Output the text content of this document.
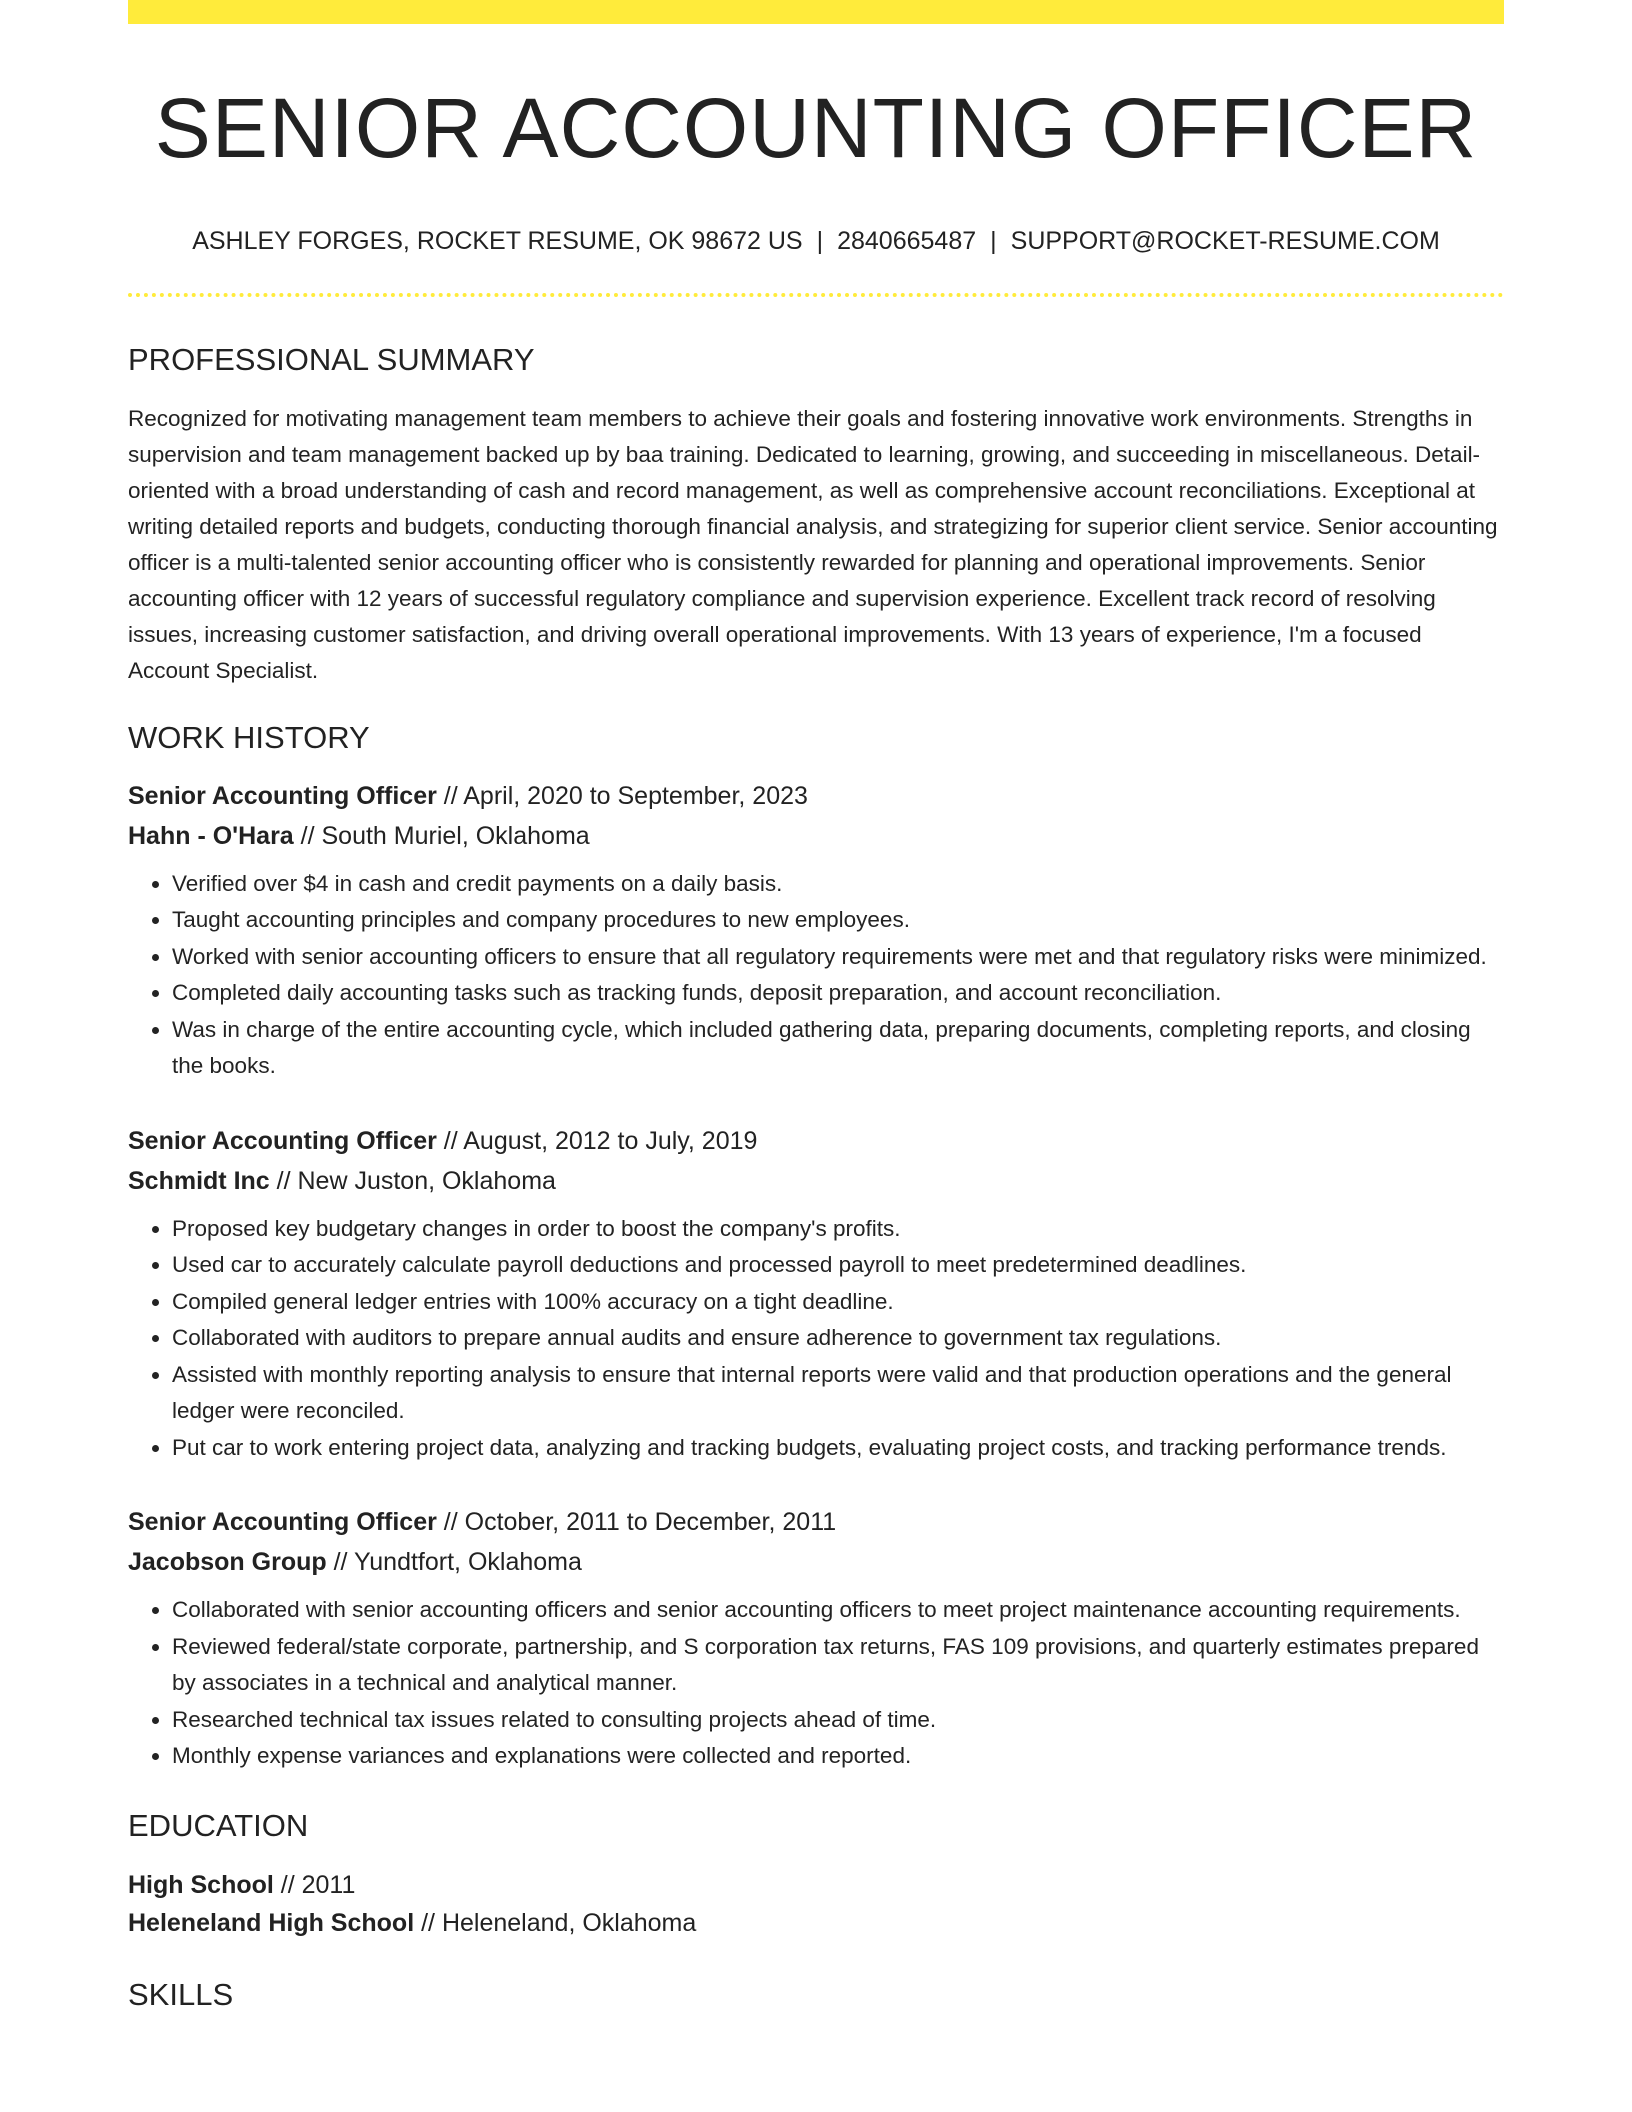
SENIOR ACCOUNTING OFFICER
ASHLEY FORGES, ROCKET RESUME, OK 98672 US | 2840665487 | SUPPORT@ROCKET-RESUME.COM
PROFESSIONAL SUMMARY

Recognized for motivating management team members to achieve their goals and fostering innovative work environments. Strengths in supervision and team management backed up by baa training. Dedicated to learning, growing, and succeeding in miscellaneous. Detail-oriented with a broad understanding of cash and record management, as well as comprehensive account reconciliations. Exceptional at writing detailed reports and budgets, conducting thorough financial analysis, and strategizing for superior client service. Senior accounting officer is a multi-talented senior accounting officer who is consistently rewarded for planning and operational improvements. Senior accounting officer with 12 years of successful regulatory compliance and supervision experience. Excellent track record of resolving issues, increasing customer satisfaction, and driving overall operational improvements. With 13 years of experience, I'm a focused Account Specialist.

WORK HISTORY
Senior Accounting Officer // April, 2020 to September, 2023
Hahn - O'Hara // South Muriel, Oklahoma
• Verified over $4 in cash and credit payments on a daily basis.
• Taught accounting principles and company procedures to new employees.
• Worked with senior accounting officers to ensure that all regulatory requirements were met and that regulatory risks were minimized.
• Completed daily accounting tasks such as tracking funds, deposit preparation, and account reconciliation.
• Was in charge of the entire accounting cycle, which included gathering data, preparing documents, completing reports, and closing the books.
Senior Accounting Officer // August, 2012 to July, 2019
Schmidt Inc // New Juston, Oklahoma
• Proposed key budgetary changes in order to boost the company's profits.
• Used car to accurately calculate payroll deductions and processed payroll to meet predetermined deadlines.
• Compiled general ledger entries with 100% accuracy on a tight deadline.
• Collaborated with auditors to prepare annual audits and ensure adherence to government tax regulations.
• Assisted with monthly reporting analysis to ensure that internal reports were valid and that production operations and the general ledger were reconciled.
• Put car to work entering project data, analyzing and tracking budgets, evaluating project costs, and tracking performance trends.
Senior Accounting Officer // October, 2011 to December, 2011
Jacobson Group // Yundtfort, Oklahoma
• Collaborated with senior accounting officers and senior accounting officers to meet project maintenance accounting requirements.
• Reviewed federal/state corporate, partnership, and S corporation tax returns, FAS 109 provisions, and quarterly estimates prepared by associates in a technical and analytical manner.
• Researched technical tax issues related to consulting projects ahead of time.
• Monthly expense variances and explanations were collected and reported.
EDUCATION
High School // 2011
Heleneland High School // Heleneland, Oklahoma
SKILLS
